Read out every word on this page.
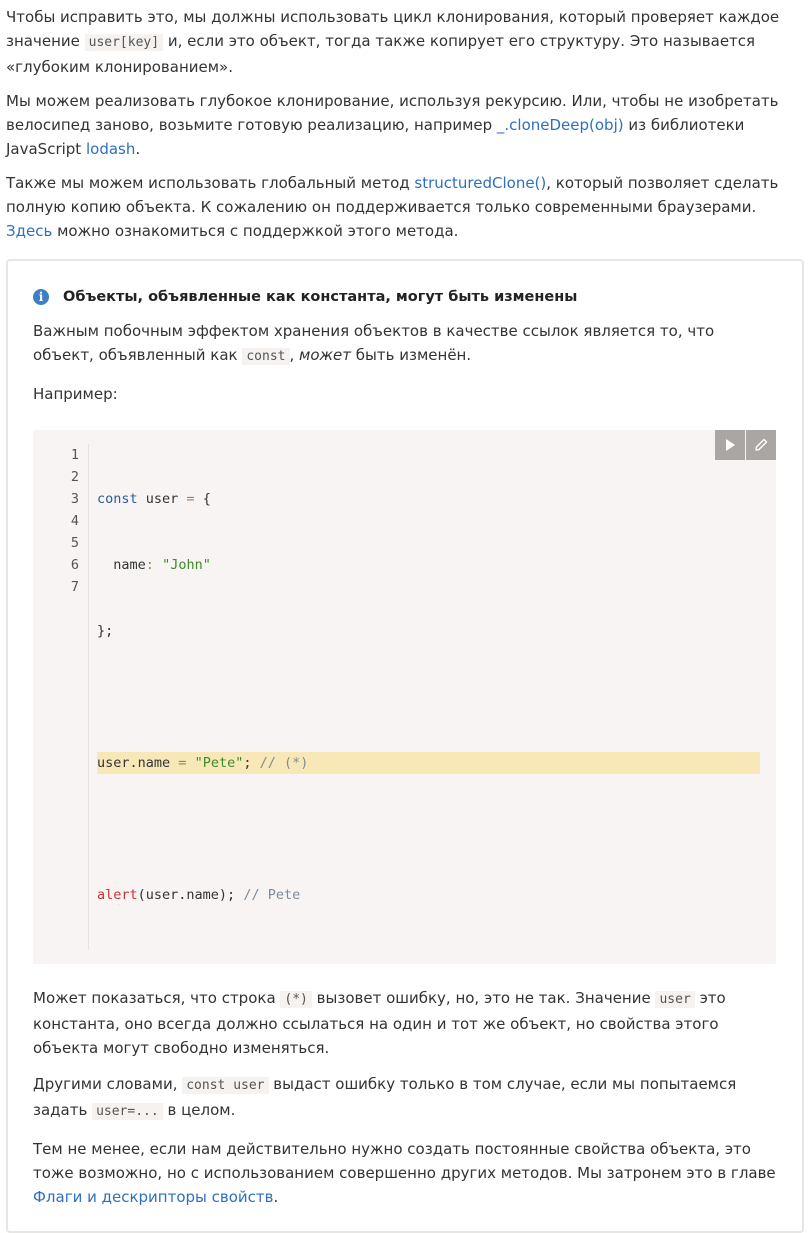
Чтобы исправить это, мы должны использовать цикл клонирования, который проверяет каждое значение user[key] и, если это объект, тогда также копирует его структуру. Это называется «глубоким клонированием».

Мы можем реализовать глубокое клонирование, используя рекурсию. Или, чтобы не изобретать велосипед заново, возьмите готовую реализацию, например _.cloneDeep(obj) из библиотеки JavaScript lodash.

Также мы можем использовать глобальный метод structuredClone(), который позволяет сделать полную копию объекта. К сожалению он поддерживается только современными браузерами. Здесь можно ознакомиться с поддержкой этого метода.

i	Объекты, объявленные как константа, могут быть изменены

Важным побочным эффектом хранения объектов в качестве ссылок является то, что объект, объявленный как const , может быть изменён.

Например:

1
2
3
4
5
6
7

const user = {

name: "John"

};

user.name = "Pete"; // (*)

alert(user.name); // Pete

Может показаться, что строка (*) вызовет ошибку, но, это не так. Значение user это константа, оно всегда должно ссылаться на один и тот же объект, но свойства этого объекта могут свободно изменяться.

Другими словами, const user выдаст ошибку только в том случае, если мы попытаемся задать user=... в целом.

Тем не менее, если нам действительно нужно создать постоянные свойства объекта, это тоже возможно, но с использованием совершенно других методов. Мы затронем это в главе Флаги и дескрипторы свойств.
